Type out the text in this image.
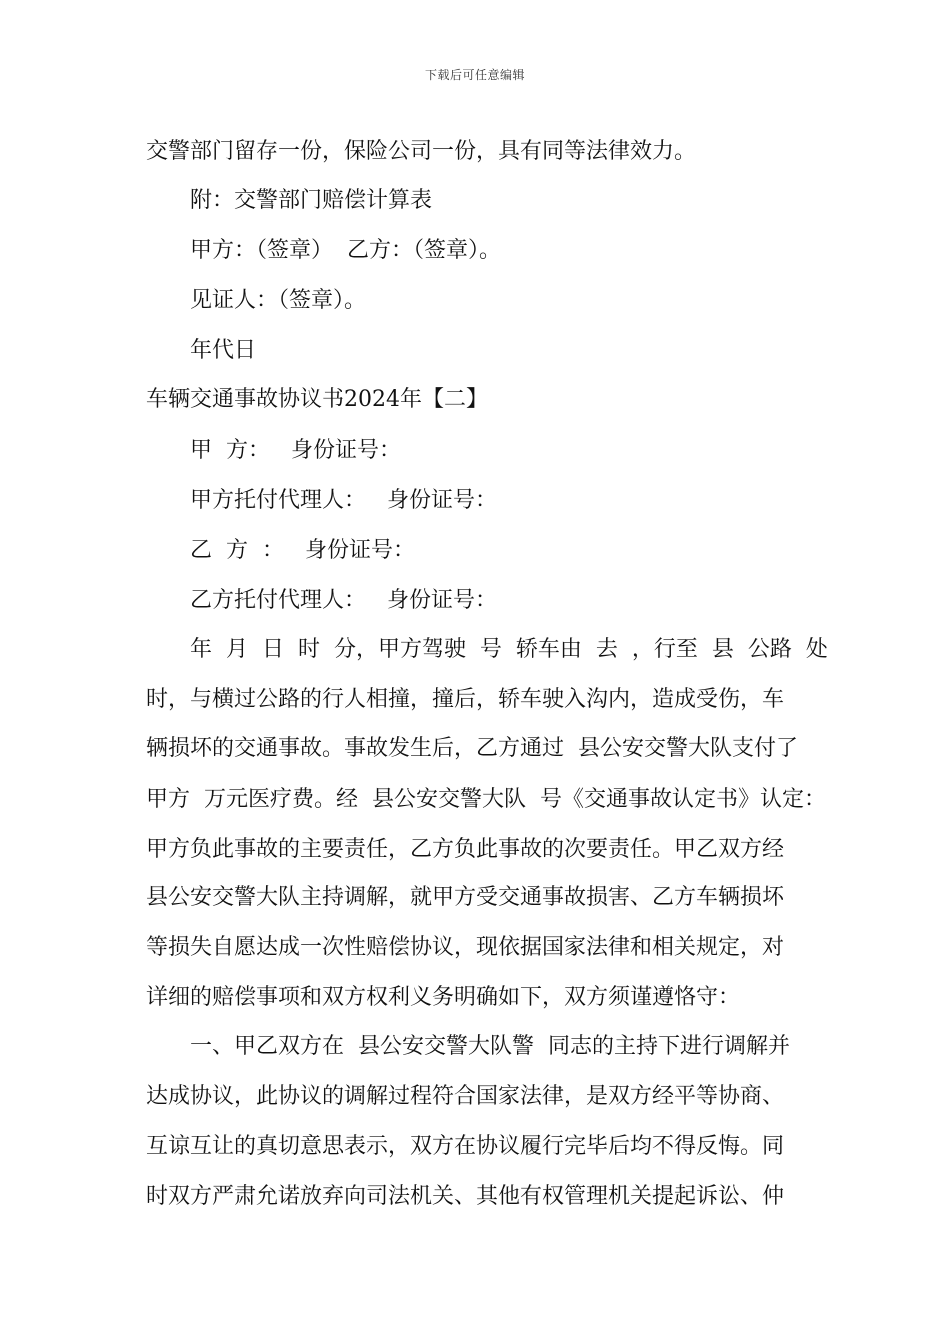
下载后可任意编辑
交警部门留存一份，保险公司一份，具有同等法律效力。
附：交警部门赔偿计算表
甲方：（签章）  乙方：（签章）。
见证人：（签章）。
年代日
车辆交通事故协议书2024年【二】
甲  方：   身份证号：
甲方托付代理人：   身份证号：
乙  方  ：   身份证号：
乙方托付代理人：   身份证号：
年  月  日  时  分，甲方驾驶  号  轿车由  去  ，行至  县  公路  处
时，与横过公路的行人相撞，撞后，轿车驶入沟内，造成受伤，车
辆损坏的交通事故。事故发生后，乙方通过  县公安交警大队支付了
甲方  万元医疗费。经  县公安交警大队  号《交通事故认定书》认定：
甲方负此事故的主要责任，乙方负此事故的次要责任。甲乙双方经
县公安交警大队主持调解，就甲方受交通事故损害、乙方车辆损坏
等损失自愿达成一次性赔偿协议，现依据国家法律和相关规定，对
详细的赔偿事项和双方权利义务明确如下，双方须谨遵恪守：
一、甲乙双方在  县公安交警大队警  同志的主持下进行调解并
达成协议，此协议的调解过程符合国家法律，是双方经平等协商、
互谅互让的真切意思表示，双方在协议履行完毕后均不得反悔。同
时双方严肃允诺放弃向司法机关、其他有权管理机关提起诉讼、仲
